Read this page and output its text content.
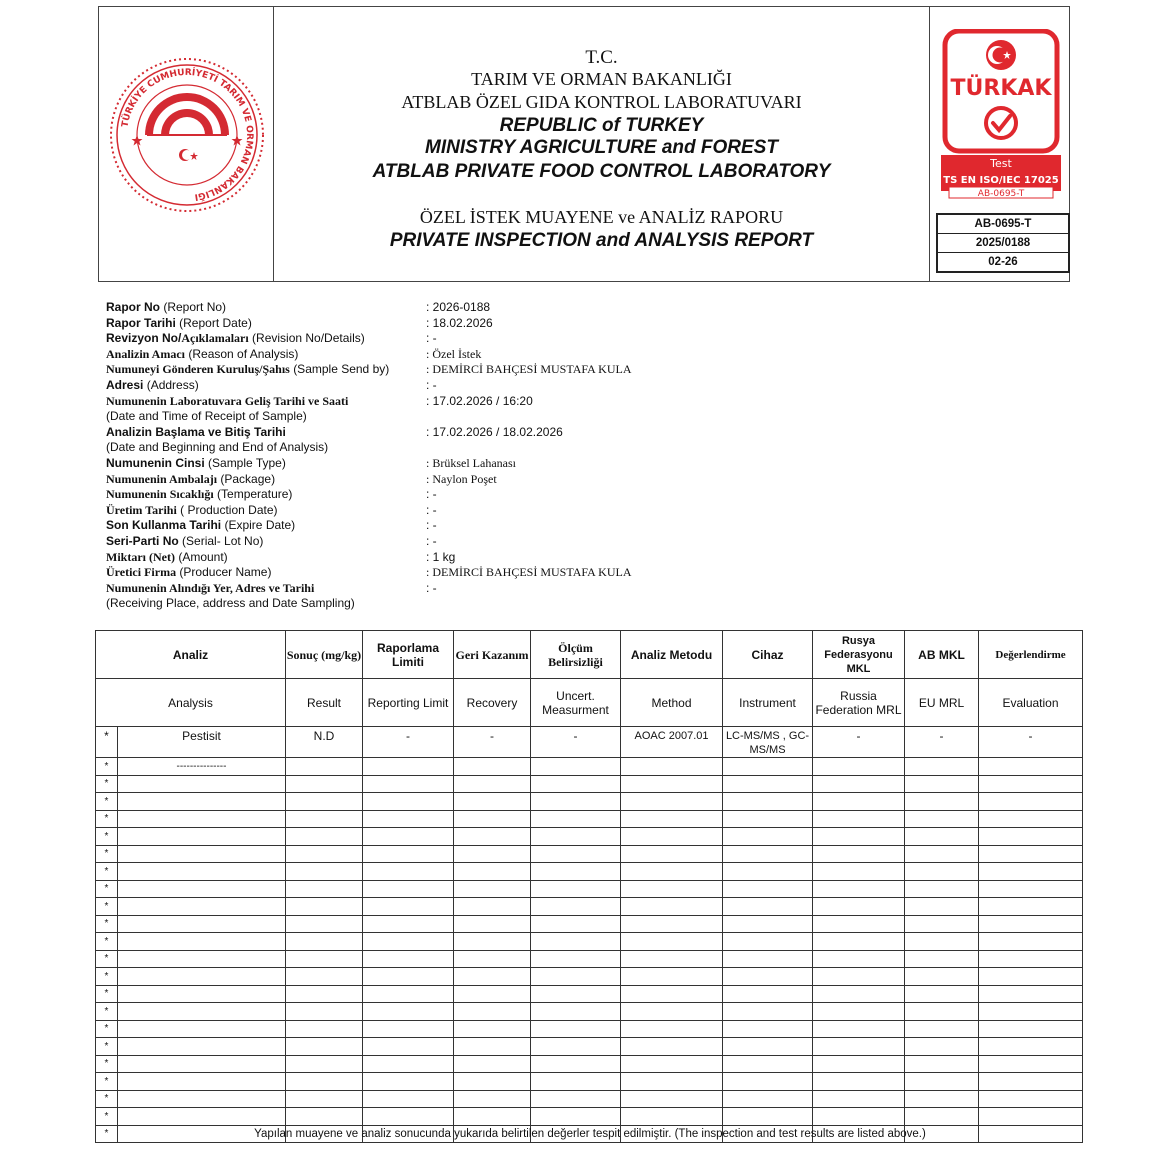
TÜRKİYE CUMHURİYETİ TARIM VE ORMAN BAKANLIĞI
T.C.
TARIM VE ORMAN BAKANLIĞI
ATBLAB ÖZEL GIDA KONTROL LABORATUVARI
REPUBLIC of TURKEY
MINISTRY AGRICULTURE and FOREST
ATBLAB PRIVATE FOOD CONTROL LABORATORY
ÖZEL İSTEK MUAYENE ve ANALİZ RAPORU
PRIVATE INSPECTION and ANALYSIS REPORT
TÜRKAK
Test
TS EN ISO/IEC 17025
AB-0695-T
AB-0695-T
2025/0188
02-26
Rapor No (Report No)	: 2026-0188
Rapor Tarihi (Report Date)	: 18.02.2026
Revizyon No/Açıklamaları (Revision No/Details)	: -
Analizin Amacı (Reason of Analysis)	: Özel İstek
Numuneyi Gönderen Kuruluş/Şahıs (Sample Send by)	: DEMİRCİ BAHÇESİ MUSTAFA KULA
Adresi (Address)	: -
Numunenin Laboratuvara Geliş Tarihi ve Saati	: 17.02.2026 / 16:20
(Date and Time of Receipt of Sample)
Analizin Başlama ve Bitiş Tarihi	: 17.02.2026 / 18.02.2026
(Date and Beginning and End of Analysis)
Numunenin Cinsi (Sample Type)	: Brüksel Lahanası
Numunenin Ambalajı (Package)	: Naylon Poşet
Numunenin Sıcaklığı (Temperature)	: -
Üretim Tarihi ( Production Date)	: -
Son Kullanma Tarihi (Expire Date)	: -
Seri-Parti No (Serial- Lot No)	: -
Miktarı (Net) (Amount)	: 1 kg
Üretici Firma (Producer Name)	: DEMİRCİ BAHÇESİ MUSTAFA KULA
Numunenin Alındığı Yer, Adres ve Tarihi	: -
(Receiving Place, address and Date Sampling)
Analiz		Sonuç (mg/kg)	Raporlama Limiti	Geri Kazanım	Ölçüm Belirsizliği	Analiz Metodu	Cihaz	Rusya Federasyonu MKL	AB MKL	Değerlendirme
Analysis		Result	Reporting Limit	Recovery	Uncert. Measurment	Method	Instrument	Russia Federation MRL	EU MRL	Evaluation
*	Pestisit	N.D	-	-	-	AOAC 2007.01	LC-MS/MS , GC-MS/MS	-	-	-
*	---------------									
*										
*										
*										
*										
*										
*										
*										
*										
*										
*										
*										
*										
*										
*										
*										
*										
*										
*										
*										
*										
*											Yapılan muayene ve analiz sonucunda yukarıda belirtilen değerler tespit edilmiştir. (The inspection and test results are listed above.)
